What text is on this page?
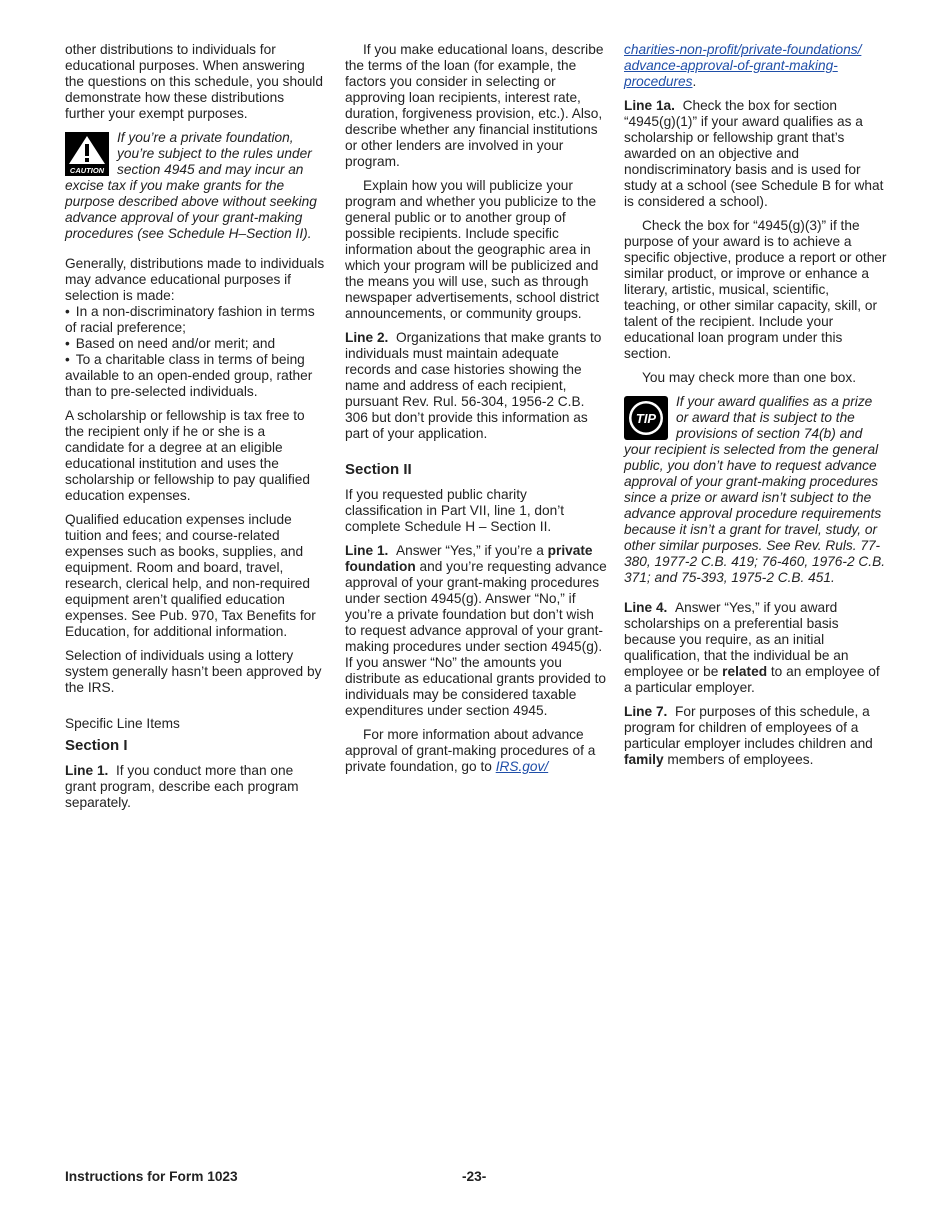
other distributions to individuals for educational purposes. When answering the questions on this schedule, you should demonstrate how these distributions further your exempt purposes.

CAUTION
If you’re a private foundation, you’re subject to the rules under section 4945 and may incur an excise tax if you make grants for the purpose described above without seeking advance approval of your grant-making procedures (see Schedule H–Section II).

Generally, distributions made to individuals may advance educational purposes if selection is made:

• In a non-discriminatory fashion in terms of racial preference;
• Based on need and/or merit; and
• To a charitable class in terms of being available to an open-ended group, rather than to pre-selected individuals.

A scholarship or fellowship is tax free to the recipient only if he or she is a candidate for a degree at an eligible educational institution and uses the scholarship or fellowship to pay qualified education expenses.

Qualified education expenses include tuition and fees; and course-related expenses such as books, supplies, and equipment. Room and board, travel, research, clerical help, and non-required equipment aren’t qualified education expenses. See Pub. 970, Tax Benefits for Education, for additional information.

Selection of individuals using a lottery system generally hasn’t been approved by the IRS.

Specific Line Items

Section I

Line 1. If you conduct more than one grant program, describe each program separately.

If you make educational loans, describe the terms of the loan (for example, the factors you consider in selecting or approving loan recipients, interest rate, duration, forgiveness provision, etc.). Also, describe whether any financial institutions or other lenders are involved in your program.

Explain how you will publicize your program and whether you publicize to the general public or to another group of possible recipients. Include specific information about the geographic area in which your program will be publicized and the means you will use, such as through newspaper advertisements, school district announcements, or community groups.

Line 2. Organizations that make grants to individuals must maintain adequate records and case histories showing the name and address of each recipient, pursuant Rev. Rul. 56-304, 1956-2 C.B. 306 but don’t provide this information as part of your application.

Section II

If you requested public charity classification in Part VII, line 1, don’t complete Schedule H – Section II.

Line 1. Answer “Yes,” if you’re a private foundation and you’re requesting advance approval of your grant-making procedures under section 4945(g). Answer “No,” if you’re a private foundation but don’t wish to request advance approval of your grant-making procedures under section 4945(g). If you answer “No” the amounts you distribute as educational grants provided to individuals may be considered taxable expenditures under section 4945.

For more information about advance approval of grant-making procedures of a private foundation, go to IRS.gov/

charities-non-profit/private-foundations/ advance-approval-of-grant-making- procedures.

Line 1a. Check the box for section “4945(g)(1)” if your award qualifies as a scholarship or fellowship grant that’s awarded on an objective and nondiscriminatory basis and is used for study at a school (see Schedule B for what is considered a school).

Check the box for “4945(g)(3)” if the purpose of your award is to achieve a specific objective, produce a report or other similar product, or improve or enhance a literary, artistic, musical, scientific, teaching, or other similar capacity, skill, or talent of the recipient. Include your educational loan program under this section.

You may check more than one box.

TIP
If your award qualifies as a prize or award that is subject to the provisions of section 74(b) and your recipient is selected from the general public, you don’t have to request advance approval of your grant-making procedures since a prize or award isn’t subject to the advance approval procedure requirements because it isn’t a grant for travel, study, or other similar purposes. See Rev. Ruls. 77-380, 1977-2 C.B. 419; 76-460, 1976-2 C.B. 371; and 75-393, 1975-2 C.B. 451.

Line 4. Answer “Yes,” if you award scholarships on a preferential basis because you require, as an initial qualification, that the individual be an employee or be related to an employee of a particular employer.

Line 7. For purposes of this schedule, a program for children of employees of a particular employer includes children and family members of employees.

Instructions for Form 1023	-23-
